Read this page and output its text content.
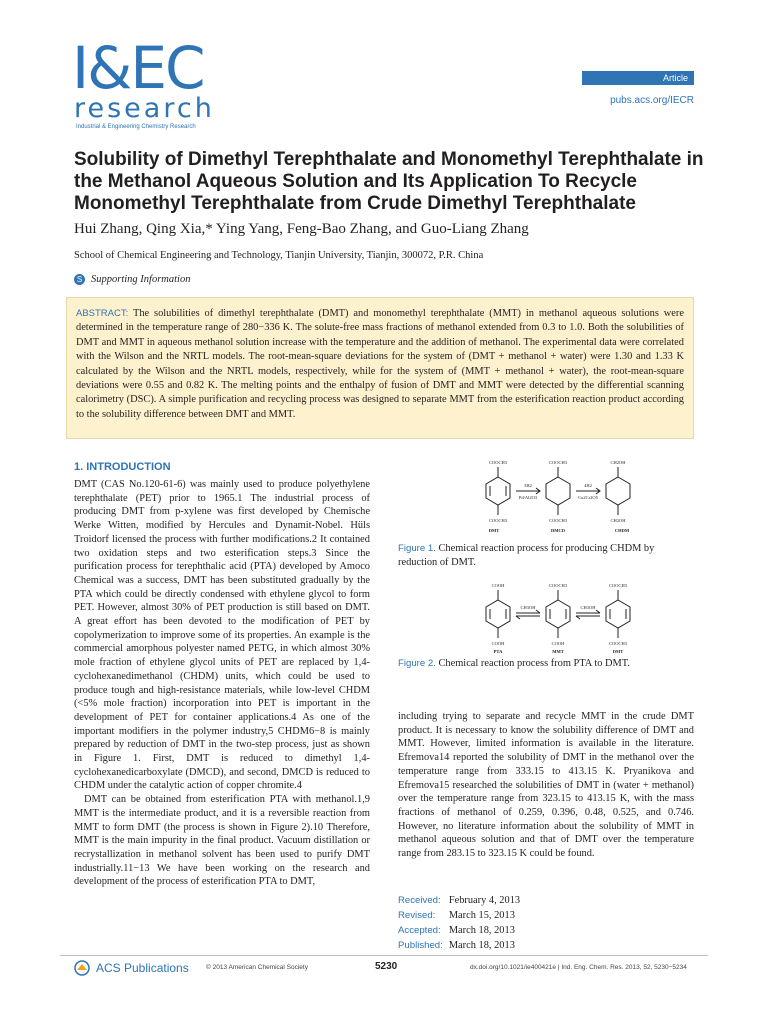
I&EC
research
Industrial & Engineering Chemistry Research
Article
pubs.acs.org/IECR
Solubility of Dimethyl Terephthalate and Monomethyl Terephthalate in the Methanol Aqueous Solution and Its Application To Recycle Monomethyl Terephthalate from Crude Dimethyl Terephthalate
Hui Zhang, Qing Xia,* Ying Yang, Feng-Bao Zhang, and Guo-Liang Zhang
School of Chemical Engineering and Technology, Tianjin University, Tianjin, 300072, P.R. China
S Supporting Information
ABSTRACT: The solubilities of dimethyl terephthalate (DMT) and monomethyl terephthalate (MMT) in methanol aqueous solutions were determined in the temperature range of 280−336 K. The solute-free mass fractions of methanol extended from 0.3 to 1.0. Both the solubilities of DMT and MMT in aqueous methanol solution increase with the temperature and the addition of methanol. The experimental data were correlated with the Wilson and the NRTL models. The root-mean-square deviations for the system of (DMT + methanol + water) were 1.30 and 1.33 K calculated by the Wilson and the NRTL models, respectively, while for the system of (MMT + methanol + water), the root-mean-square deviations were 0.55 and 0.82 K. The melting points and the enthalpy of fusion of DMT and MMT were detected by the differential scanning calorimetry (DSC). A simple purification and recycling process was designed to separate MMT from the esterification reaction product according to the solubility difference between DMT and MMT.
1. INTRODUCTION

DMT (CAS No.120-61-6) was mainly used to produce polyethylene terephthalate (PET) prior to 1965.1 The industrial process of producing DMT from p-xylene was first developed by Chemische Werke Witten, modified by Hercules and Dynamit-Nobel. Hüls Troidorf licensed the process with further modifications.2 It contained two oxidation steps and two esterification steps.3 Since the purification process for terephthalic acid (PTA) developed by Amoco Chemical was a success, DMT has been substituted gradually by the PTA which could be directly condensed with ethylene glycol to form PET. However, almost 30% of PET production is still based on DMT. A great effort has been devoted to the modification of PET by copolymerization to improve some of its properties. An example is the commercial amorphous polyester named PETG, in which almost 30% mole fraction of ethylene glycol units of PET are replaced by 1,4-cyclohexanedimethanol (CHDM) units, which could be used to produce tough and high-resistance materials, while low-level CHDM (<5% mole fraction) incorporation into PET is important in the development of PET for container applications.4 As one of the important modifiers in the polymer industry,5 CHDM6−8 is mainly prepared by reduction of DMT in the two-step process, just as shown in Figure 1. First, DMT is reduced to dimethyl 1,4-cyclohexanedicarboxylate (DMCD), and second, DMCD is reduced to CHDM under the catalytic action of copper chromite.4

DMT can be obtained from esterification PTA with methanol.1,9 MMT is the intermediate product, and it is a reversible reaction from MMT to form DMT (the process is shown in Figure 2).10 Therefore, MMT is the main impurity in the final product. Vacuum distillation or recrystallization in methanol solvent has been used to purify DMT industrially.11−13 We have been working on the research and development of the process of esterification PTA to DMT,

COOCH3	COOCH3	CH2OH
COOCH3	COOCH3	CH2OH
3H2
Pd/Al2O3
4H2
Cu2Cr2O5
DMT	DMCD	CHDM
Figure 1. Chemical reaction process for producing CHDM by reduction of DMT.
COOH	COOCH3	COOCH3
COOH	COOH	COOCH3
CH3OH	CH3OH
PTA	MMT	DMT
Figure 2. Chemical reaction process from PTA to DMT.

including trying to separate and recycle MMT in the crude DMT product. It is necessary to know the solubility difference of DMT and MMT. However, limited information is available in the literature. Efremova14 reported the solubility of DMT in the methanol over the temperature range from 333.15 to 413.15 K. Pryanikova and Efremova15 researched the solubilities of DMT in (water + methanol) over the temperature range from 323.15 to 413.15 K, with the mass fractions of methanol of 0.259, 0.396, 0.48, 0.525, and 0.746. However, no literature information about the solubility of MMT in methanol aqueous solution and that of DMT over the temperature range from 283.15 to 323.15 K could be found.

Received:	February 4, 2013
Revised:	March 15, 2013
Accepted:	March 18, 2013
Published:	March 18, 2013
ACS Publications	© 2013 American Chemical Society	5230	dx.doi.org/10.1021/ie400421e | Ind. Eng. Chem. Res. 2013, 52, 5230−5234
